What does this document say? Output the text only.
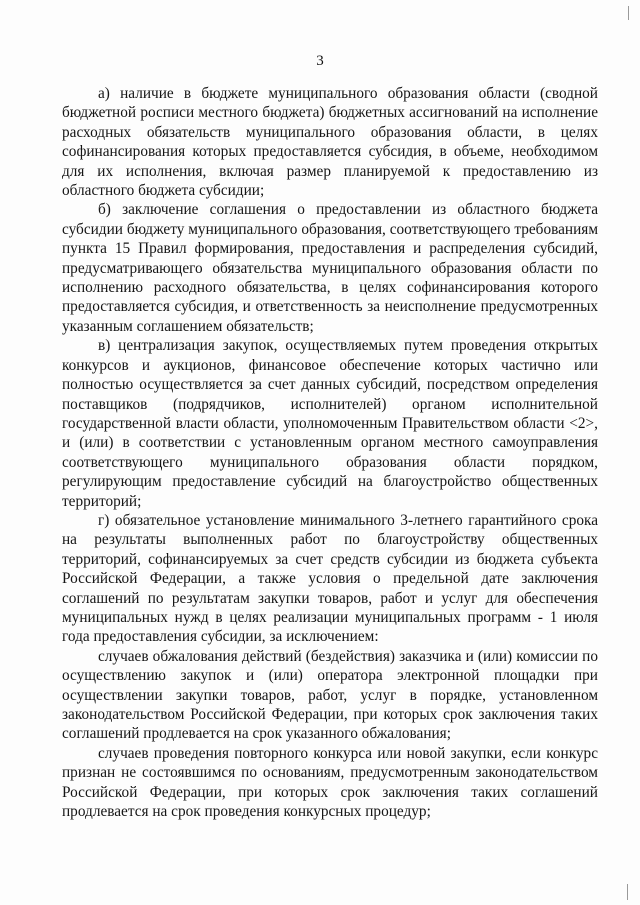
3

а) наличие в бюджете муниципального образования области (сводной бюджетной росписи местного бюджета) бюджетных ассигнований на исполнение расходных обязательств муниципального образования области, в целях софинансирования которых предоставляется субсидия, в объеме, необходимом для их исполнения, включая размер планируемой к предоставлению из областного бюджета субсидии;

б) заключение соглашения о предоставлении из областного бюджета субсидии бюджету муниципального образования, соответствующего требованиям пункта 15 Правил формирования, предоставления и распределения субсидий, предусматривающего обязательства муниципального образования области по исполнению расходного обязательства, в целях софинансирования которого предоставляется субсидия, и ответственность за неисполнение предусмотренных указанным соглашением обязательств;

в) централизация закупок, осуществляемых путем проведения открытых конкурсов и аукционов, финансовое обеспечение которых частично или полностью осуществляется за счет данных субсидий, посредством определения поставщиков (подрядчиков, исполнителей) органом исполнительной государственной власти области, уполномоченным Правительством области <2>, и (или) в соответствии с установленным органом местного самоуправления соответствующего муниципального образования области порядком, регулирующим предоставление субсидий на благоустройство общественных территорий;

г) обязательное установление минимального 3-летнего гарантийного срока на результаты выполненных работ по благоустройству общественных территорий, софинансируемых за счет средств субсидии из бюджета субъекта Российской Федерации, а также условия о предельной дате заключения соглашений по результатам закупки товаров, работ и услуг для обеспечения муниципальных нужд в целях реализации муниципальных программ - 1 июля года предоставления субсидии, за исключением:

случаев обжалования действий (бездействия) заказчика и (или) комиссии по осуществлению закупок и (или) оператора электронной площадки при осуществлении закупки товаров, работ, услуг в порядке, установленном законодательством Российской Федерации, при которых срок заключения таких соглашений продлевается на срок указанного обжалования;

случаев проведения повторного конкурса или новой закупки, если конкурс признан не состоявшимся по основаниям, предусмотренным законодательством Российской Федерации, при которых срок заключения таких соглашений продлевается на срок проведения конкурсных процедур;
